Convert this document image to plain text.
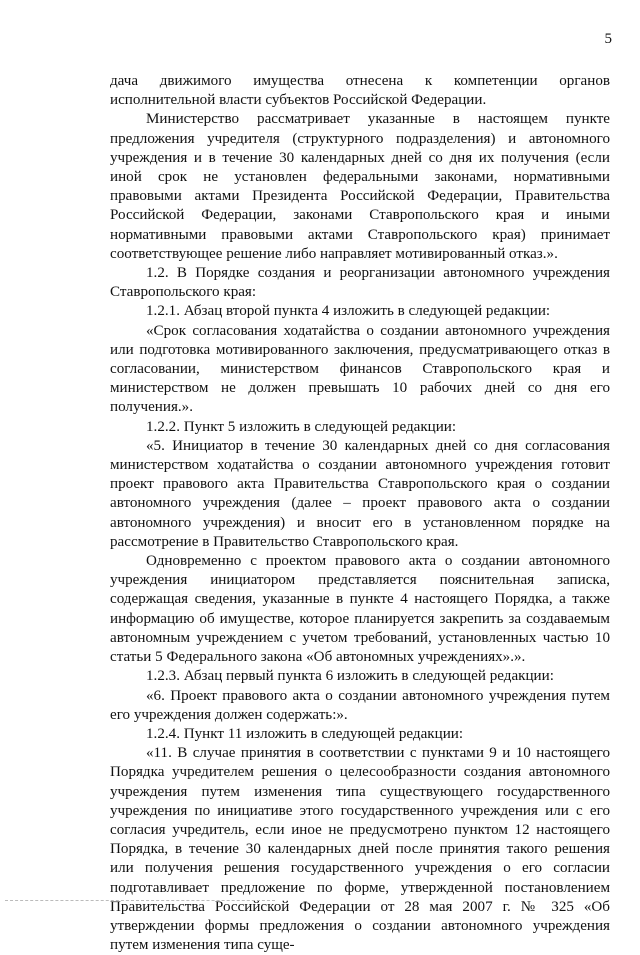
5

дача движимого имущества отнесена к компетенции органов исполнительной власти субъектов Российской Федерации.

Министерство рассматривает указанные в настоящем пункте предложения учредителя (структурного подразделения) и автономного учреждения и в течение 30 календарных дней со дня их получения (если иной срок не установлен федеральными законами, нормативными правовыми актами Президента Российской Федерации, Правительства Российской Федерации, законами Ставропольского края и иными нормативными правовыми актами Ставропольского края) принимает соответствующее решение либо направляет мотивированный отказ.».

1.2. В Порядке создания и реорганизации автономного учреждения Ставропольского края:

1.2.1. Абзац второй пункта 4 изложить в следующей редакции:

«Срок согласования ходатайства о создании автономного учреждения или подготовка мотивированного заключения, предусматривающего отказ в согласовании, министерством финансов Ставропольского края и министерством не должен превышать 10 рабочих дней со дня его получения.».

1.2.2. Пункт 5 изложить в следующей редакции:

«5. Инициатор в течение 30 календарных дней со дня согласования министерством ходатайства о создании автономного учреждения готовит проект правового акта Правительства Ставропольского края о создании автономного учреждения (далее – проект правового акта о создании автономного учреждения) и вносит его в установленном порядке на рассмотрение в Правительство Ставропольского края.

Одновременно с проектом правового акта о создании автономного учреждения инициатором представляется пояснительная записка, содержащая сведения, указанные в пункте 4 настоящего Порядка, а также информацию об имуществе, которое планируется закрепить за создаваемым автономным учреждением с учетом требований, установленных частью 10 статьи 5 Федерального закона «Об автономных учреждениях».».

1.2.3. Абзац первый пункта 6 изложить в следующей редакции:

«6. Проект правового акта о создании автономного учреждения путем его учреждения должен содержать:».

1.2.4. Пункт 11 изложить в следующей редакции:

«11. В случае принятия в соответствии с пунктами 9 и 10 настоящего Порядка учредителем решения о целесообразности создания автономного учреждения путем изменения типа существующего государственного учреждения по инициативе этого государственного учреждения или с его согласия учредитель, если иное не предусмотрено пунктом 12 настоящего Порядка, в течение 30 календарных дней после принятия такого решения или получения решения государственного учреждения о его согласии подготавливает предложение по форме, утвержденной постановлением Правительства Российской Федерации от 28 мая 2007 г. № 325 «Об утверждении формы предложения о создании автономного учреждения путем изменения типа суще-
